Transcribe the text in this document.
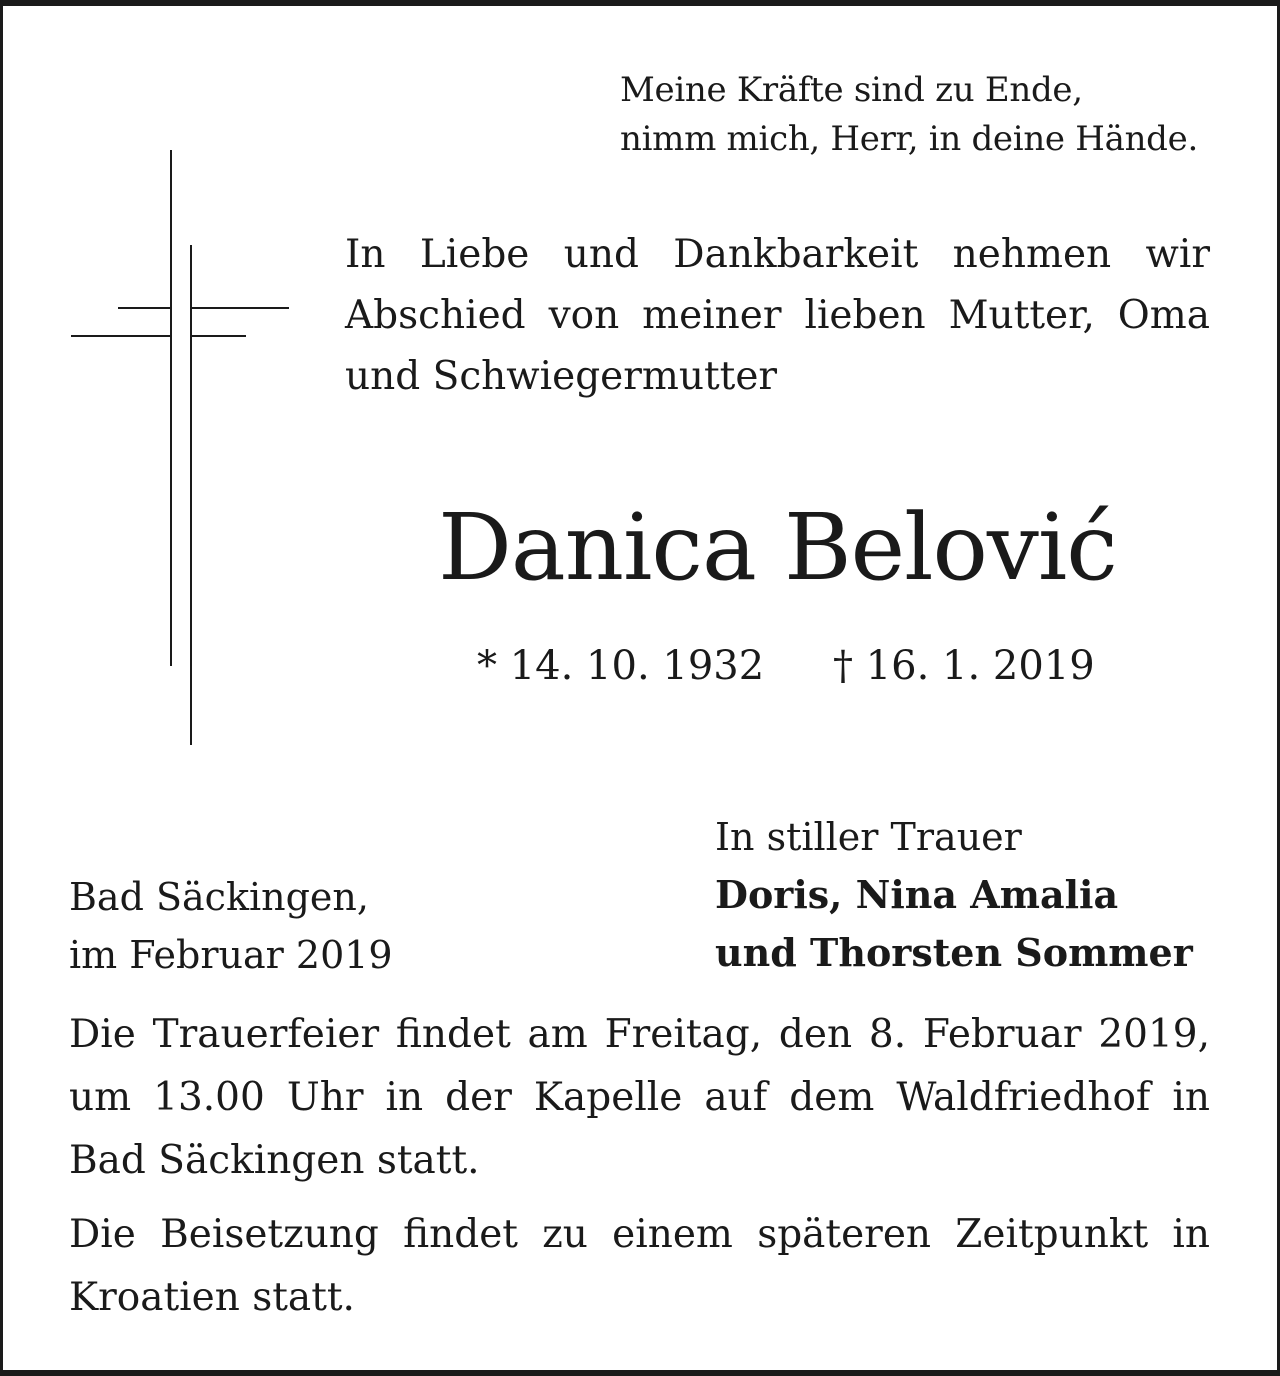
Meine Kräfte sind zu Ende,
nimm mich, Herr, in deine Hände.
In Liebe und Dankbarkeit nehmen wir Abschied von meiner lieben Mutter, Oma und Schwiegermutter
Danica Belović
* 14. 10. 1932 † 16. 1. 2019
Bad Säckingen,
im Februar 2019
In stiller Trauer
Doris, Nina Amalia
und Thorsten Sommer
Die Trauerfeier findet am Freitag, den 8. Februar 2019, um 13.00 Uhr in der Kapelle auf dem Waldfriedhof in Bad Säckingen statt.
Die Beisetzung findet zu einem späteren Zeitpunkt in Kroatien statt.
